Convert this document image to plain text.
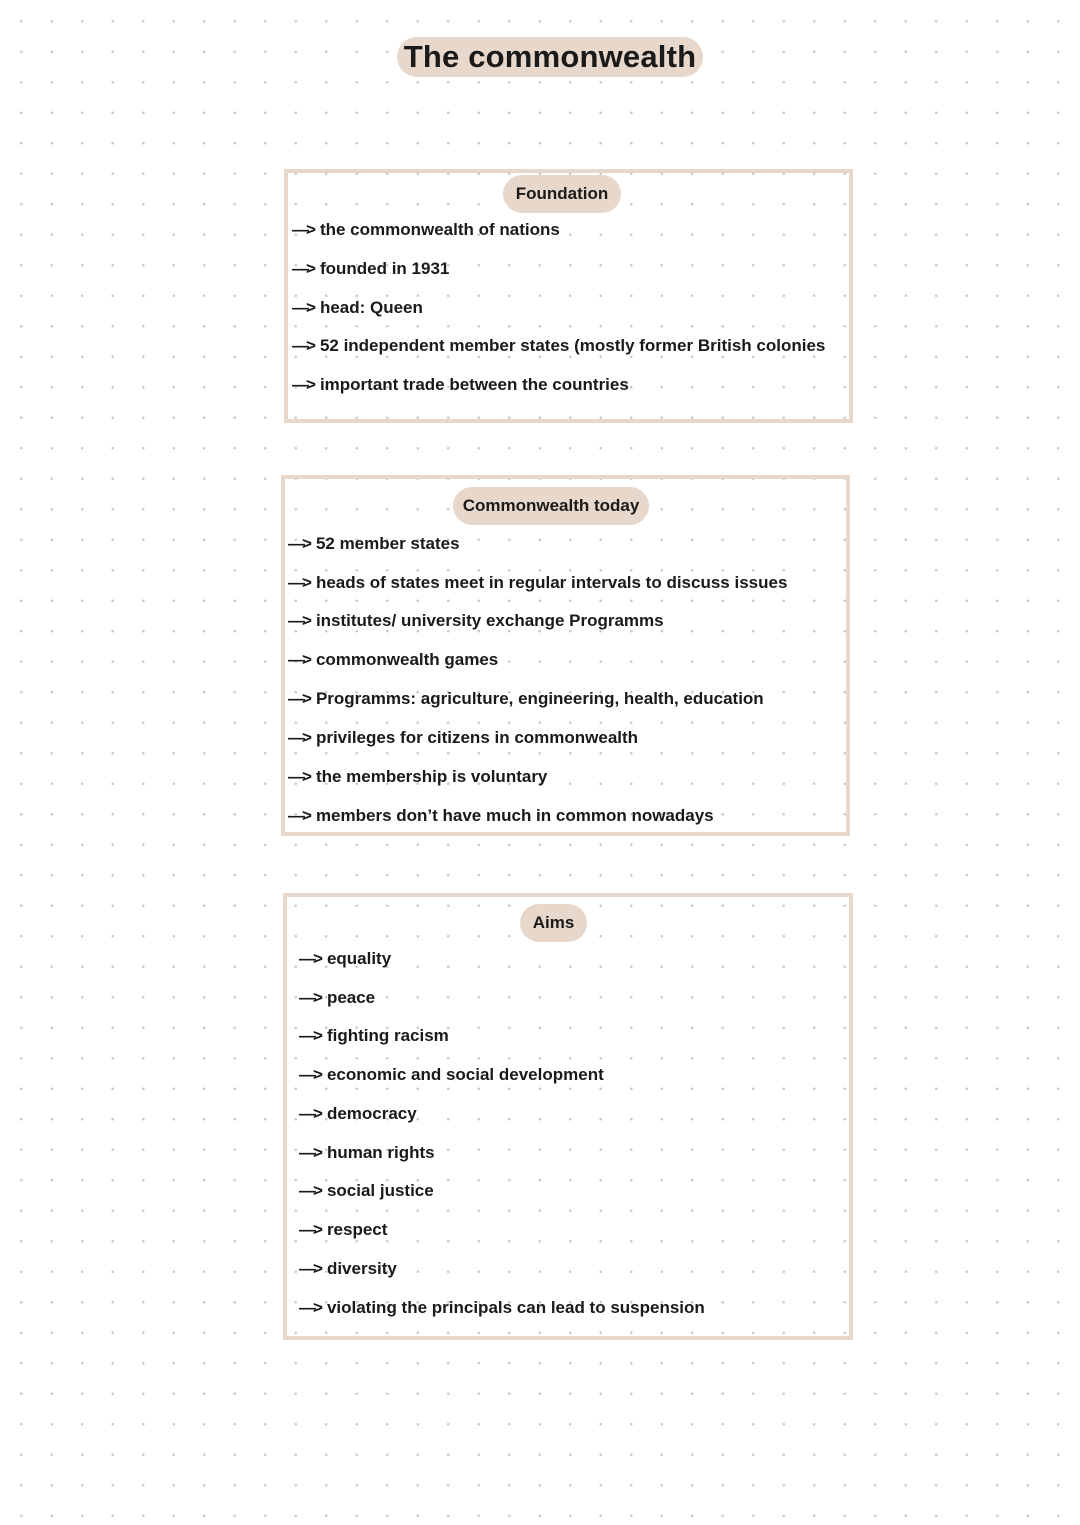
The commonwealth
Foundation
—> the commonwealth of nations
—> founded in 1931
—> head: Queen
—> 52 independent member states (mostly former British colonies
—> important trade between the countries
Commonwealth today
—> 52 member states
—> heads of states meet in regular intervals to discuss issues
—> institutes/ university exchange Programms
—> commonwealth games
—> Programms: agriculture, engineering, health, education
—> privileges for citizens in commonwealth
—> the membership is voluntary
—> members don’t have much in common nowadays
Aims
—> equality
—> peace
—> fighting racism
—> economic and social development
—> democracy
—> human rights
—> social justice
—> respect
—> diversity
—> violating the principals can lead to suspension
